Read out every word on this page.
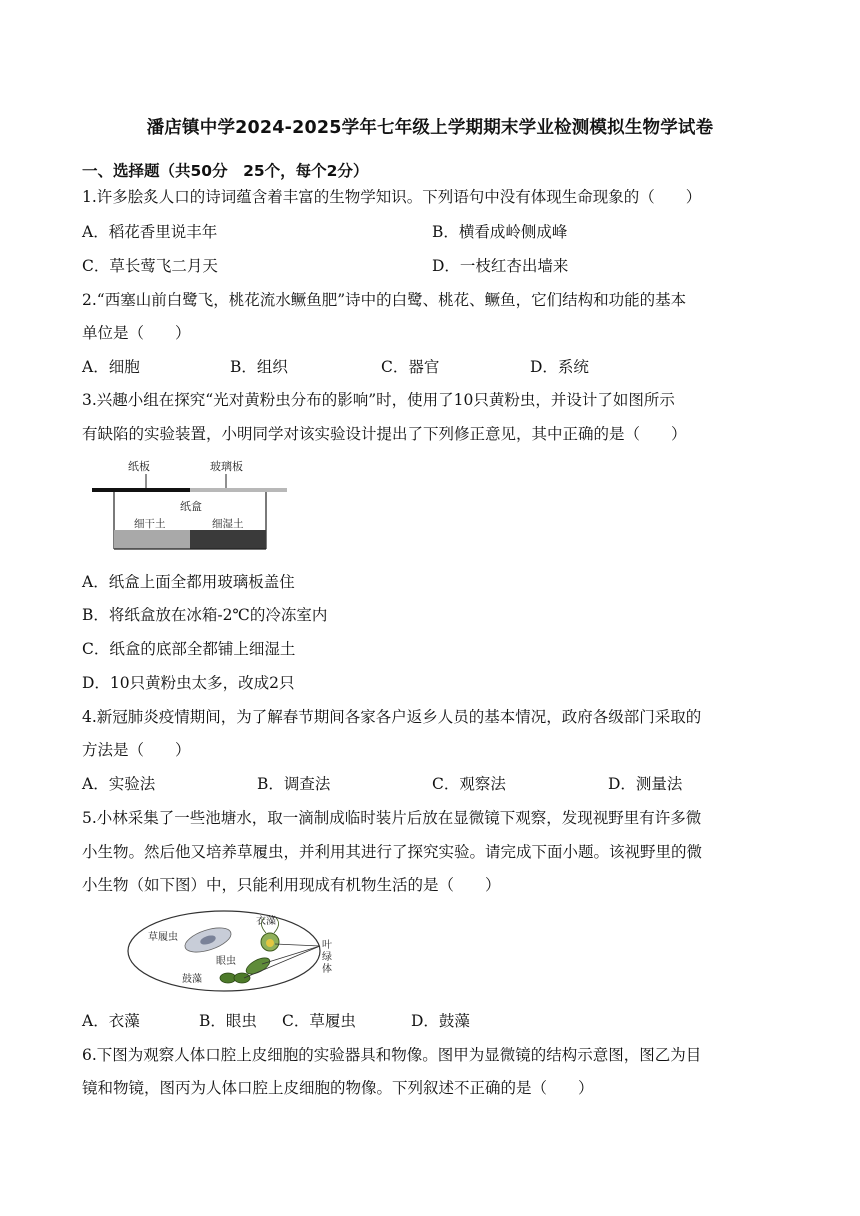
潘店镇中学2024-2025学年七年级上学期期末学业检测模拟生物学试卷
一、选择题（共50分　25个，每个2分）
1.许多脍炙人口的诗词蕴含着丰富的生物学知识。下列语句中没有体现生命现象的（　　）
A．稻花香里说丰年	B．横看成岭侧成峰
C．草长莺飞二月天	D．一枝红杏出墙来
2.“西塞山前白鹭飞，桃花流水鳜鱼肥”诗中的白鹭、桃花、鳜鱼，它们结构和功能的基本
单位是（　　）
A．细胞	B．组织	C．器官	D．系统
3.兴趣小组在探究“光对黄粉虫分布的影响”时，使用了10只黄粉虫，并设计了如图所示
有缺陷的实验装置，小明同学对该实验设计提出了下列修正意见，其中正确的是（　　）
纸板	玻璃板
纸盒
细干土	细湿土
A．纸盒上面全都用玻璃板盖住
B．将纸盒放在冰箱-2℃的冷冻室内
C．纸盒的底部全都铺上细湿土
D．10只黄粉虫太多，改成2只
4.新冠肺炎疫情期间，为了解春节期间各家各户返乡人员的基本情况，政府各级部门采取的
方法是（　　）
A．实验法	B．调查法	C．观察法	D．测量法
5.小林采集了一些池塘水，取一滴制成临时装片后放在显微镜下观察，发现视野里有许多微
小生物。然后他又培养草履虫，并利用其进行了探究实验。请完成下面小题。该视野里的微
小生物（如下图）中，只能利用现成有机物生活的是（　　）
草履虫
衣藻
眼虫
鼓藻
叶
绿
体
A．衣藻	B．眼虫 C．草履虫	D．鼓藻
6.下图为观察人体口腔上皮细胞的实验器具和物像。图甲为显微镜的结构示意图，图乙为目
镜和物镜，图丙为人体口腔上皮细胞的物像。下列叙述不正确的是（　　）
